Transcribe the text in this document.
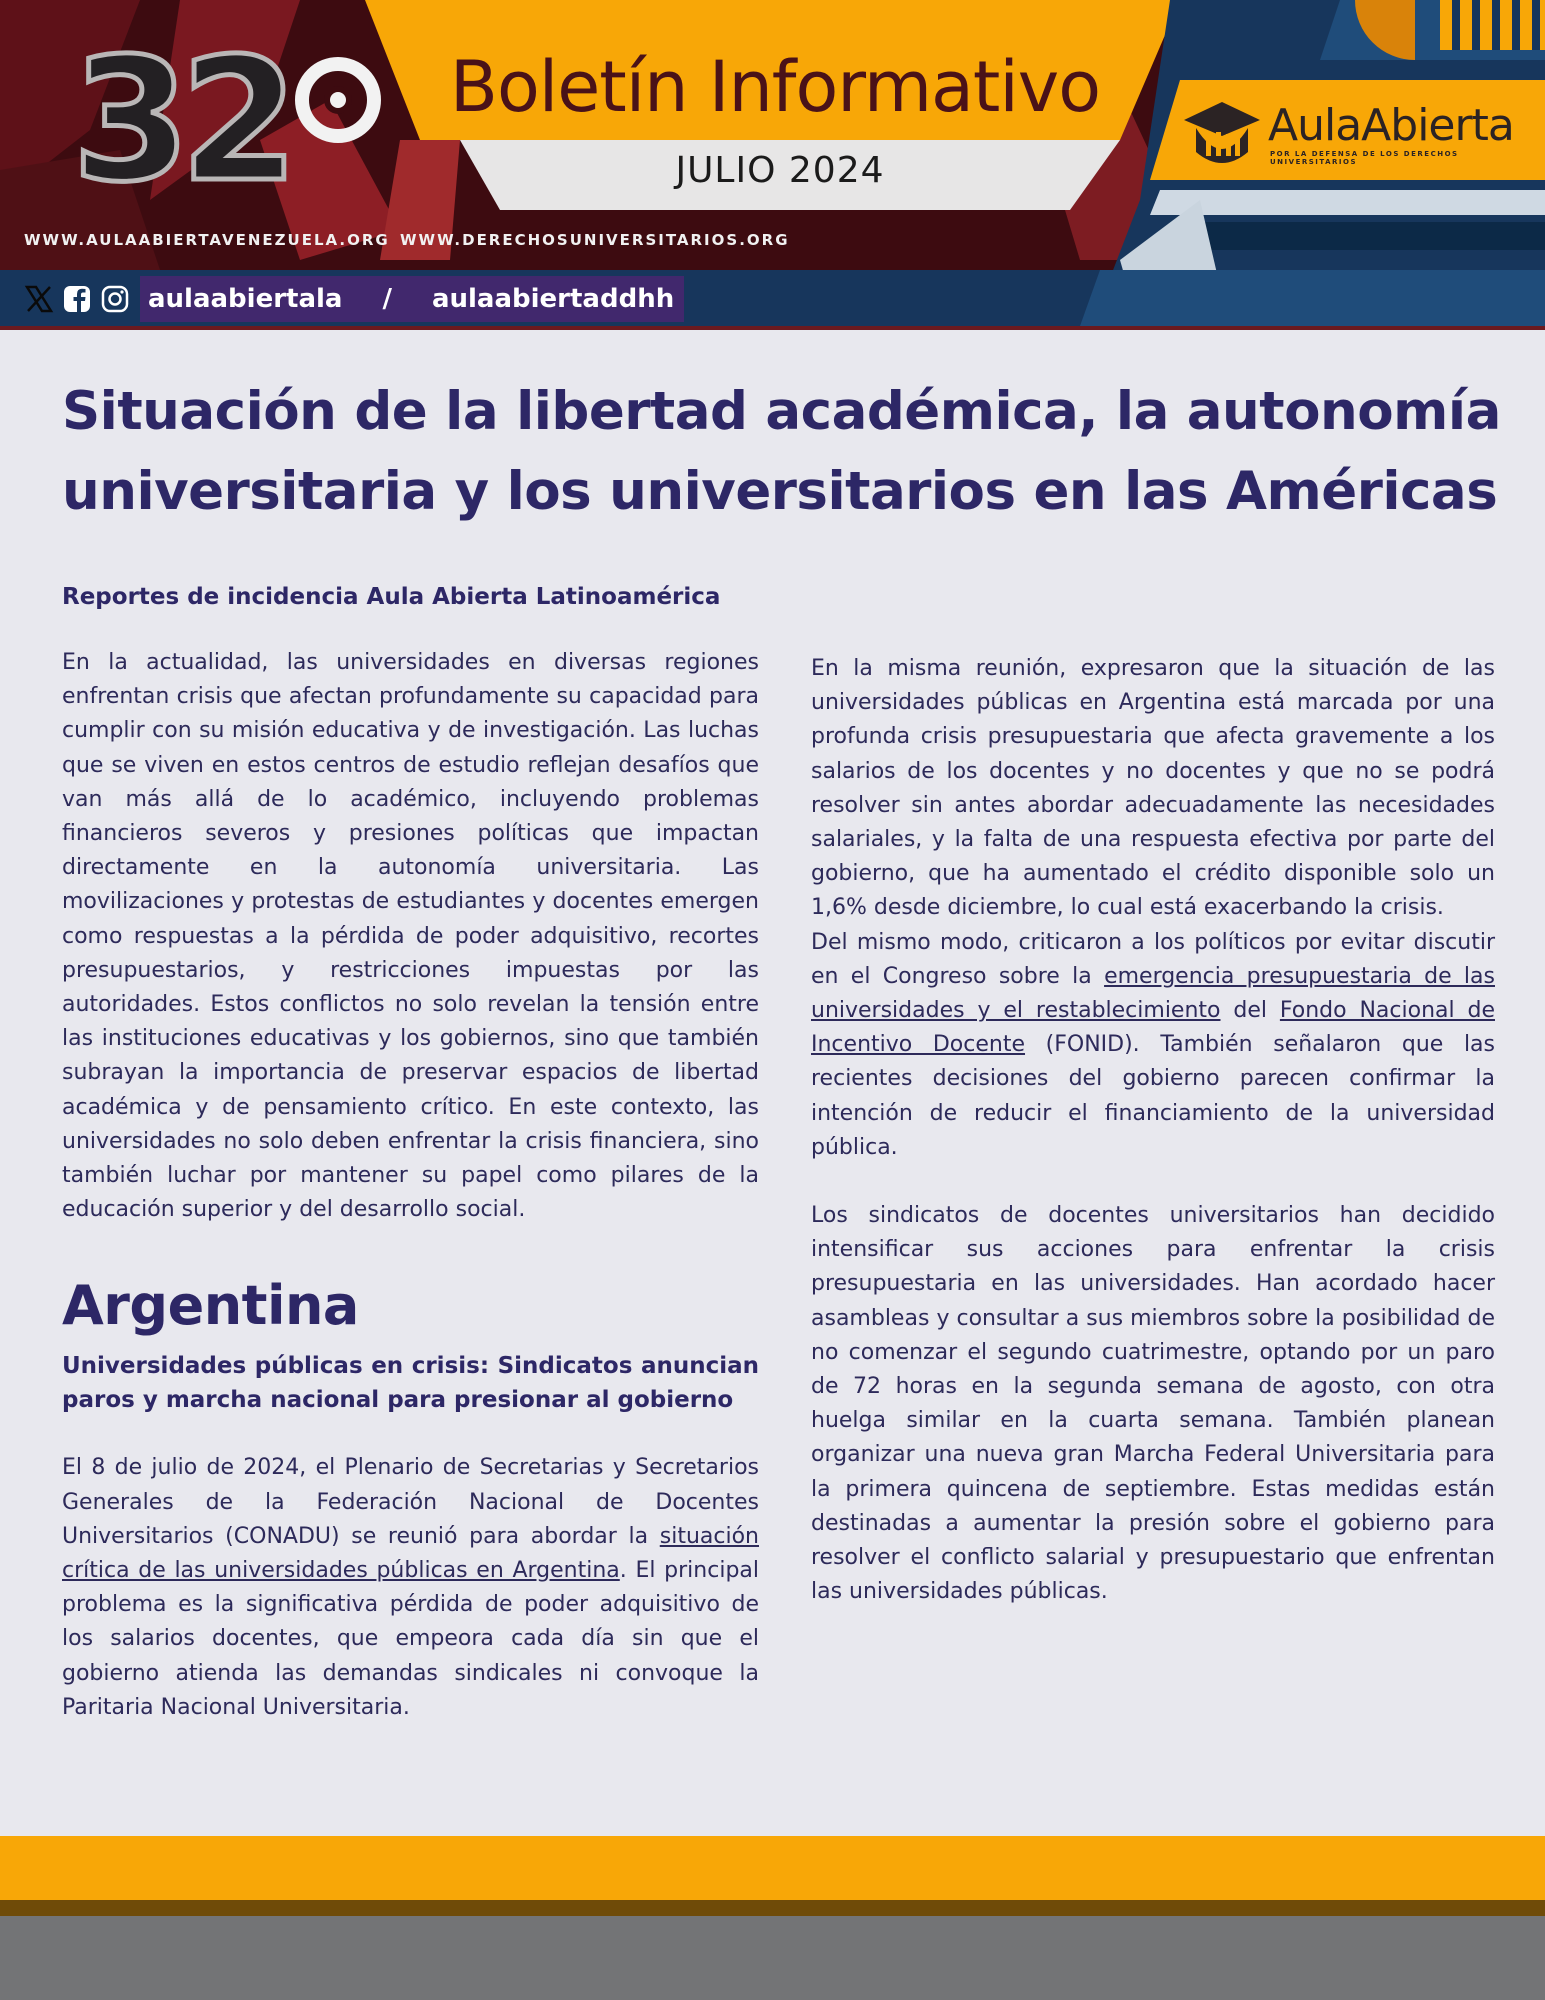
32	Boletín Informativo
JULIO 2024
WWW.AULAABIERTAVENEZUELA.ORG WWW.DERECHOSUNIVERSITARIOS.ORG
AulaAbierta
POR LA DEFENSA DE LOS DERECHOS UNIVERSITARIOS
aulaabiertala / aulaabiertaddhh
Situación de la libertad académica, la autonomía universitaria y los universitarios en las Américas

Reportes de incidencia Aula Abierta Latinoamérica

En la actualidad, las universidades en diversas regiones enfrentan crisis que afectan profundamente su capacidad para cumplir con su misión educativa y de investigación. Las luchas que se viven en estos centros de estudio reflejan desafíos que van más allá de lo académico, incluyendo problemas financieros severos y presiones políticas que impactan directamente en la autonomía universitaria. Las movilizaciones y protestas de estudiantes y docentes emergen como respuestas a la pérdida de poder adquisitivo, recortes presupuestarios, y restricciones impuestas por las autoridades. Estos conflictos no solo revelan la tensión entre las instituciones educativas y los gobiernos, sino que también subrayan la importancia de preservar espacios de libertad académica y de pensamiento crítico. En este contexto, las universidades no solo deben enfrentar la crisis financiera, sino también luchar por mantener su papel como pilares de la educación superior y del desarrollo social.

Argentina

Universidades públicas en crisis: Sindicatos anuncian paros y marcha nacional para presionar al gobierno

El 8 de julio de 2024, el Plenario de Secretarias y Secretarios Generales de la Federación Nacional de Docentes Universitarios (CONADU) se reunió para abordar la situación crítica de las universidades públicas en Argentina. El principal problema es la significativa pérdida de poder adquisitivo de los salarios docentes, que empeora cada día sin que el gobierno atienda las demandas sindicales ni convoque la Paritaria Nacional Universitaria.

En la misma reunión, expresaron que la situación de las universidades públicas en Argentina está marcada por una profunda crisis presupuestaria que afecta gravemente a los salarios de los docentes y no docentes y que no se podrá resolver sin antes abordar adecuadamente las necesidades salariales, y la falta de una respuesta efectiva por parte del gobierno, que ha aumentado el crédito disponible solo un 1,6% desde diciembre, lo cual está exacerbando la crisis.

Del mismo modo, criticaron a los políticos por evitar discutir en el Congreso sobre la emergencia presupuestaria de las universidades y el restablecimiento del Fondo Nacional de Incentivo Docente (FONID). También señalaron que las recientes decisiones del gobierno parecen confirmar la intención de reducir el financiamiento de la universidad pública.

Los sindicatos de docentes universitarios han decidido intensificar sus acciones para enfrentar la crisis presupuestaria en las universidades. Han acordado hacer asambleas y consultar a sus miembros sobre la posibilidad de no comenzar el segundo cuatrimestre, optando por un paro de 72 horas en la segunda semana de agosto, con otra huelga similar en la cuarta semana. También planean organizar una nueva gran Marcha Federal Universitaria para la primera quincena de septiembre. Estas medidas están destinadas a aumentar la presión sobre el gobierno para resolver el conflicto salarial y presupuestario que enfrentan las universidades públicas.
